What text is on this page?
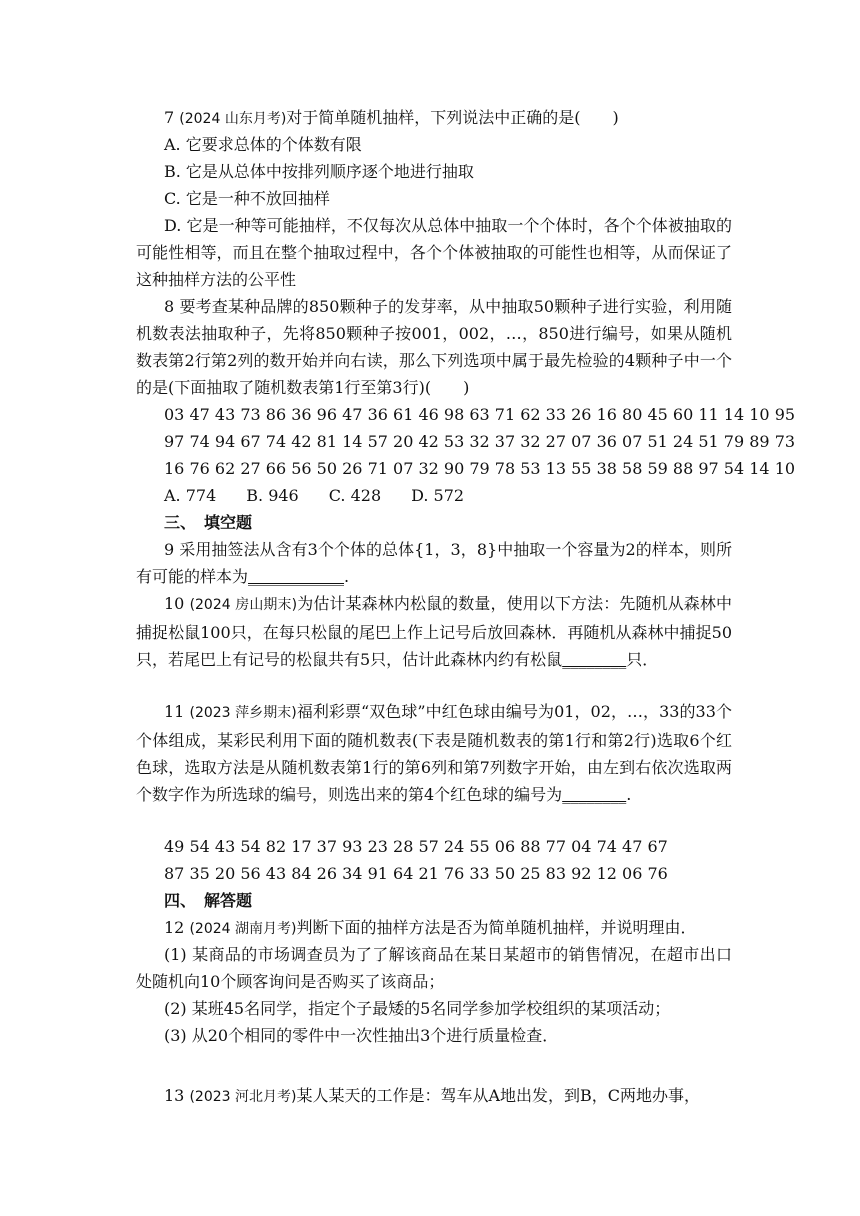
7 (2024 山东月考)对于简单随机抽样，下列说法中正确的是(　　)

A. 它要求总体的个体数有限

B. 它是从总体中按排列顺序逐个地进行抽取

C. 它是一种不放回抽样

D. 它是一种等可能抽样，不仅每次从总体中抽取一个个体时，各个个体被抽取的可能性相等，而且在整个抽取过程中，各个个体被抽取的可能性也相等，从而保证了这种抽样方法的公平性

8 要考查某种品牌的850颗种子的发芽率，从中抽取50颗种子进行实验，利用随机数表法抽取种子，先将850颗种子按001，002，…，850进行编号，如果从随机数表第2行第2列的数开始并向右读，那么下列选项中属于最先检验的4颗种子中一个的是(下面抽取了随机数表第1行至第3行)(　　)

03 47 43 73 86 36 96 47 36 61 46 98 63 71 62 33 26 16 80 45 60 11 14 10 95

97 74 94 67 74 42 81 14 57 20 42 53 32 37 32 27 07 36 07 51 24 51 79 89 73

16 76 62 27 66 56 50 26 71 07 32 90 79 78 53 13 55 38 58 59 88 97 54 14 10

A. 774 B. 946 C. 428 D. 572

三、　填空题

9 采用抽签法从含有3个个体的总体{1，3，8}中抽取一个容量为2的样本，则所有可能的样本为____________.

10 (2024 房山期末)为估计某森林内松鼠的数量，使用以下方法：先随机从森林中捕捉松鼠100只，在每只松鼠的尾巴上作上记号后放回森林．再随机从森林中捕捉50只，若尾巴上有记号的松鼠共有5只，估计此森林内约有松鼠________只．

11 (2023 萍乡期末)福利彩票“双色球”中红色球由编号为01，02，…，33的33个个体组成，某彩民利用下面的随机数表(下表是随机数表的第1行和第2行)选取6个红色球，选取方法是从随机数表第1行的第6列和第7列数字开始，由左到右依次选取两个数字作为所选球的编号，则选出来的第4个红色球的编号为________.

49 54 43 54 82 17 37 93 23 28 57 24 55 06 88 77 04 74 47 67

87 35 20 56 43 84 26 34 91 64 21 76 33 50 25 83 92 12 06 76

四、　解答题

12 (2024 湖南月考)判断下面的抽样方法是否为简单随机抽样，并说明理由．

(1) 某商品的市场调查员为了了解该商品在某日某超市的销售情况，在超市出口处随机向10个顾客询问是否购买了该商品；

(2) 某班45名同学，指定个子最矮的5名同学参加学校组织的某项活动；

(3) 从20个相同的零件中一次性抽出3个进行质量检查．

13 (2023 河北月考)某人某天的工作是：驾车从A地出发，到B，C两地办事，
